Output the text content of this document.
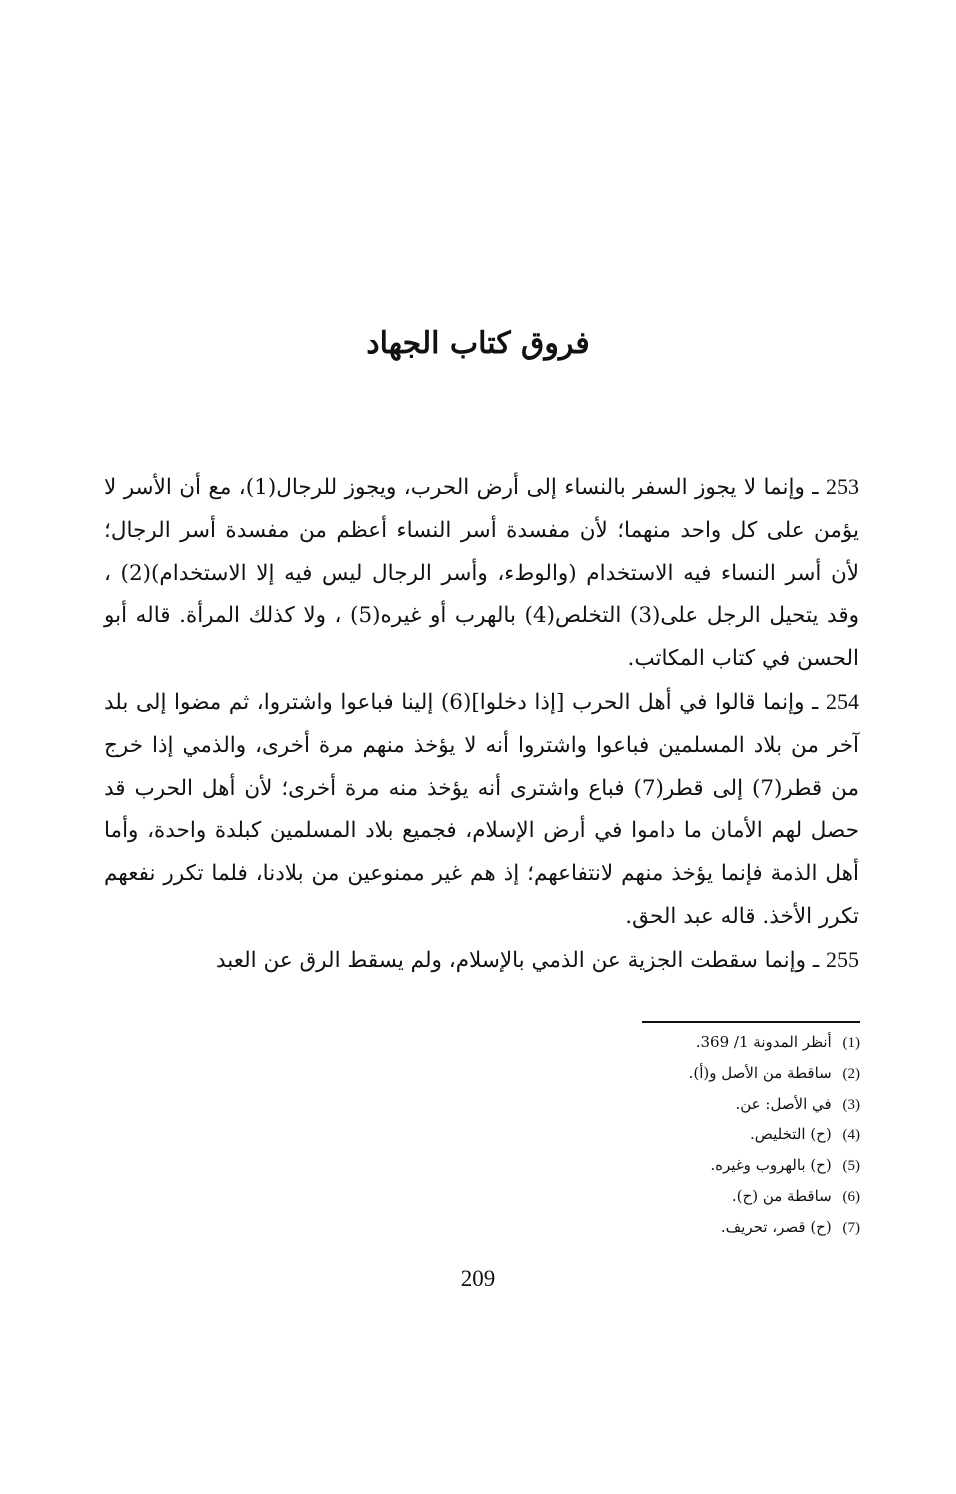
فروق كتاب الجهاد

253 ـ وإنما لا يجوز السفر بالنساء إلى أرض الحرب، ويجوز للرجال(1)، مع أن الأسر لا يؤمن على كل واحد منهما؛ لأن مفسدة أسر النساء أعظم من مفسدة أسر الرجال؛ لأن أسر النساء فيه الاستخدام (والوطء، وأسر الرجال ليس فيه إلا الاستخدام)(2) ، وقد يتحيل الرجل على(3) التخلص(4) بالهرب أو غيره(5) ، ولا كذلك المرأة. قاله أبو الحسن في كتاب المكاتب.

254 ـ وإنما قالوا في أهل الحرب [إذا دخلوا](6) إلينا فباعوا واشتروا، ثم مضوا إلى بلد آخر من بلاد المسلمين فباعوا واشتروا أنه لا يؤخذ منهم مرة أخرى، والذمي إذا خرج من قطر(7) إلى قطر(7) فباع واشترى أنه يؤخذ منه مرة أخرى؛ لأن أهل الحرب قد حصل لهم الأمان ما داموا في أرض الإسلام، فجميع بلاد المسلمين كبلدة واحدة، وأما أهل الذمة فإنما يؤخذ منهم لانتفاعهم؛ إذ هم غير ممنوعين من بلادنا، فلما تكرر نفعهم تكرر الأخذ. قاله عبد الحق.

255 ـ وإنما سقطت الجزية عن الذمي بالإسلام، ولم يسقط الرق عن العبد

(1) أنظر المدونة 1/ 369.
(2) ساقطة من الأصل و(أ).
(3) في الأصل: عن.
(4) (ح) التخليص.
(5) (ح) بالهروب وغيره.
(6) ساقطة من (ح).
(7) (ح) قصر، تحريف.
209
